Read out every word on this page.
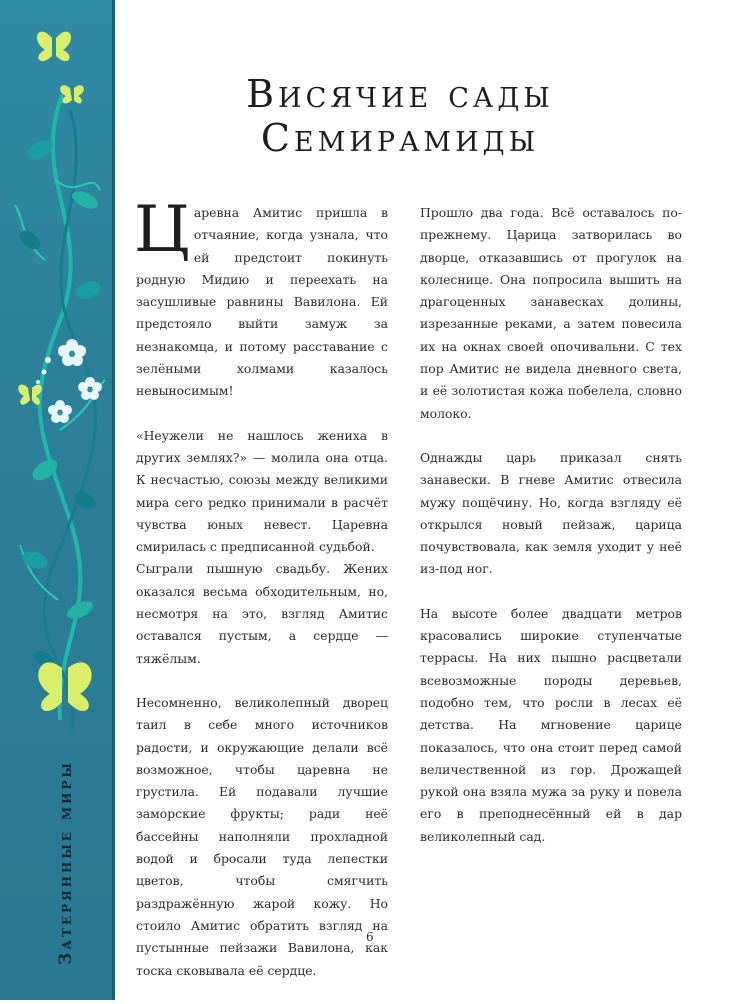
Затерянные миры
Висячие сады
Семирамиды

Царевна Амитис пришла в отчаяние, когда узнала, что ей предстоит покинуть родную Мидию и переехать на засушливые равнины Вавилона. Ей предстояло выйти замуж за незнакомца, и потому расставание с зелёными холмами казалось невыносимым!

«Неужели не нашлось жениха в других землях?» — молила она отца. К несчастью, союзы между великими мира сего редко принимали в расчёт чувства юных невест. Царевна смирилась с предписанной судьбой.

Сыграли пышную свадьбу. Жених оказался весьма обходительным, но, несмотря на это, взгляд Амитис оставался пустым, а сердце — тяжёлым.

Несомненно, великолепный дворец таил в себе много источников радости, и окружающие делали всё возможное, чтобы царевна не грустила. Ей подавали лучшие заморские фрукты; ради неё бассейны наполняли прохладной водой и бросали туда лепестки цветов, чтобы смягчить раздражённую жарой кожу. Но стоило Амитис обратить взгляд на пустынные пейзажи Вавилона, как тоска сковывала её сердце.

Прошло два года. Всё оставалось по-прежнему. Царица затворилась во дворце, отказавшись от прогулок на колеснице. Она попросила вышить на драгоценных занавесках долины, изрезанные реками, а затем повесила их на окнах своей опочивальни. С тех пор Амитис не видела дневного света, и её золотистая кожа побелела, словно молоко.

Однажды царь приказал снять занавески. В гневе Амитис отвесила мужу пощёчину. Но, когда взгляду её открылся новый пейзаж, царица почувствовала, как земля уходит у неё из-под ног.

На высоте более двадцати метров красовались широкие ступенчатые террасы. На них пышно расцветали всевозможные породы деревьев, подобно тем, что росли в лесах её детства. На мгновение царице показалось, что она стоит перед самой величественной из гор. Дрожащей рукой она взяла мужа за руку и повела его в преподнесённый ей в дар великолепный сад.

6
